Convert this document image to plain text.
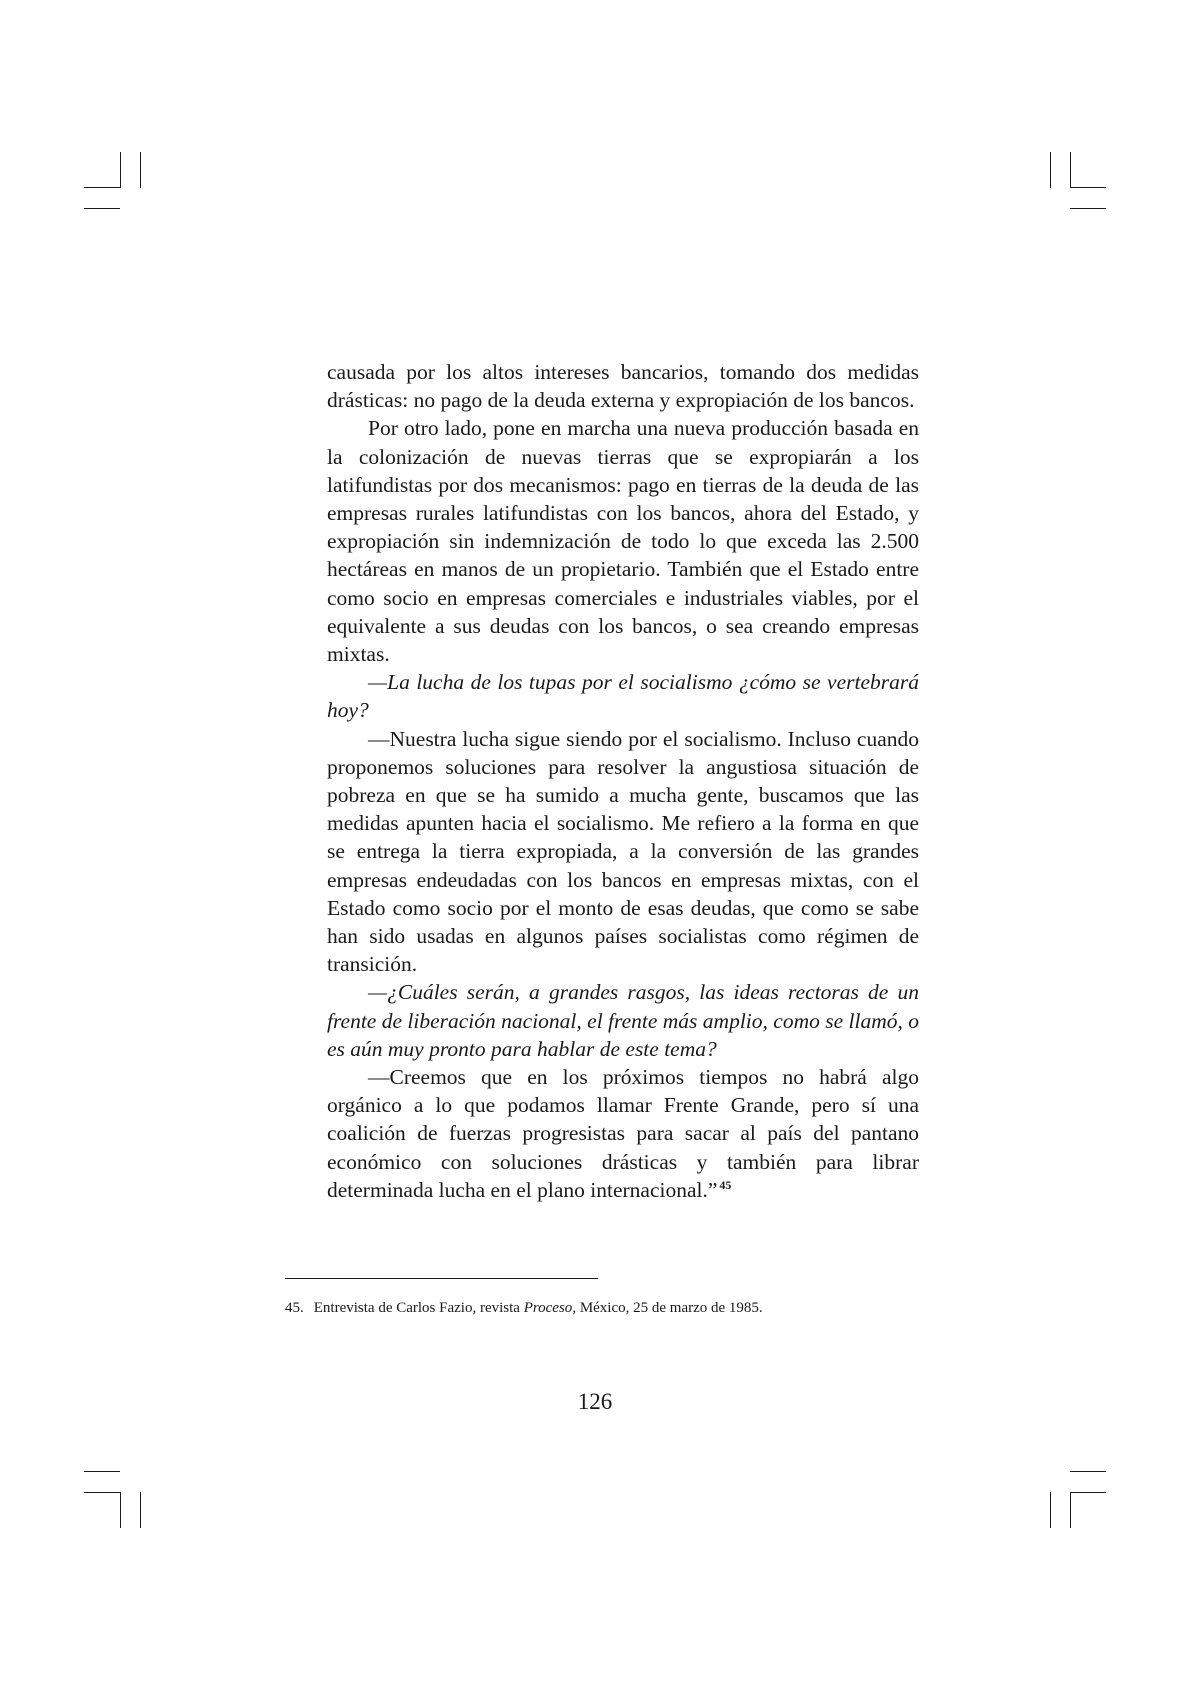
causada por los altos intereses bancarios, tomando dos medidas drásticas: no pago de la deuda externa y expropiación de los bancos.

Por otro lado, pone en marcha una nueva producción basada en la colonización de nuevas tierras que se expropiarán a los latifundistas por dos mecanismos: pago en tierras de la deuda de las empresas rurales latifundistas con los bancos, ahora del Estado, y expropiación sin indemnización de todo lo que exceda las 2.500 hectáreas en manos de un propietario. También que el Estado entre como socio en empresas comerciales e industriales viables, por el equivalente a sus deudas con los bancos, o sea creando empresas mixtas.

—La lucha de los tupas por el socialismo ¿cómo se vertebrará hoy?

—Nuestra lucha sigue siendo por el socialismo. Incluso cuando proponemos soluciones para resolver la angustiosa situación de pobreza en que se ha sumido a mucha gente, buscamos que las medidas apunten hacia el socialismo. Me refiero a la forma en que se entrega la tierra expropiada, a la conversión de las grandes empresas endeudadas con los bancos en empresas mixtas, con el Estado como socio por el monto de esas deudas, que como se sabe han sido usadas en algunos países socialistas como régimen de transición.

—¿Cuáles serán, a grandes rasgos, las ideas rectoras de un frente de liberación nacional, el frente más amplio, como se llamó, o es aún muy pronto para hablar de este tema?

—Creemos que en los próximos tiempos no habrá algo orgánico a lo que podamos llamar Frente Grande, pero sí una coalición de fuerzas progresistas para sacar al país del pantano económico con soluciones drásticas y también para librar determinada lucha en el plano internacional.” $^{45}$

45. Entrevista de Carlos Fazio, revista Proceso, México, 25 de marzo de 1985.
126
